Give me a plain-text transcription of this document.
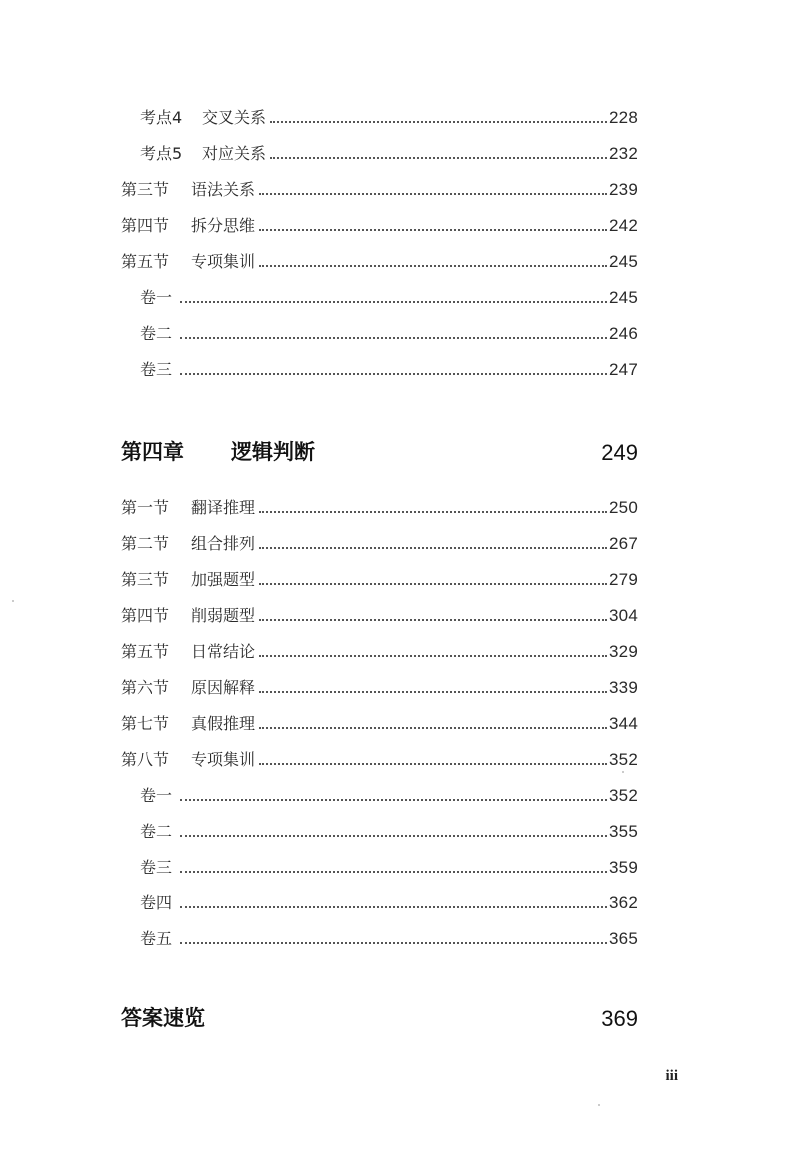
考点4 交叉关系	228
考点5 对应关系	232
第三节 语法关系	239
第四节 拆分思维	242
第五节 专项集训	245
卷一	245
卷二	246
卷三	247
第四章 逻辑判断	249
第一节 翻译推理	250
第二节 组合排列	267
第三节 加强题型	279
第四节 削弱题型	304
第五节 日常结论	329
第六节 原因解释	339
第七节 真假推理	344
第八节 专项集训	352
卷一	352
卷二	355
卷三	359
卷四	362
卷五	365
答案速览	369
iii
